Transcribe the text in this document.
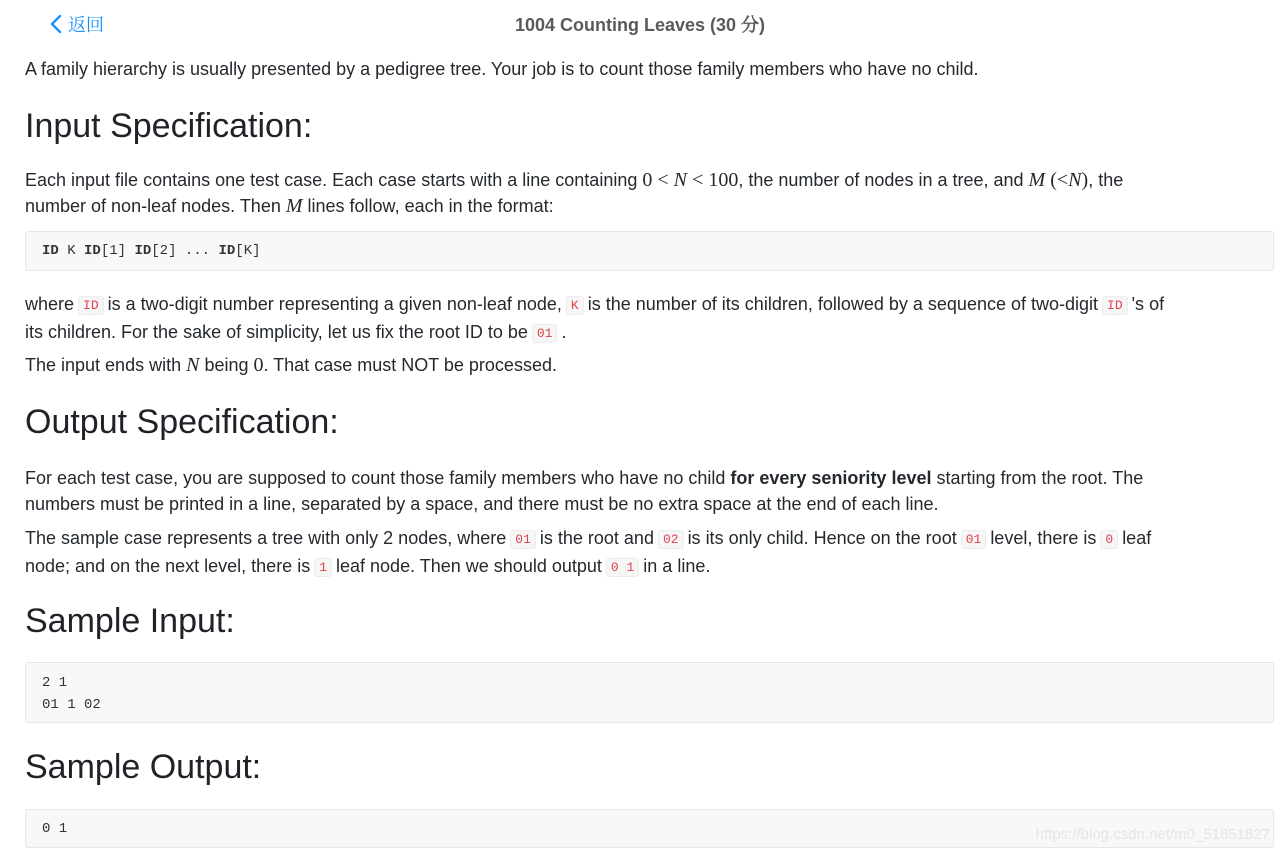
返回	1004 Counting Leaves (30 分)

A family hierarchy is usually presented by a pedigree tree. Your job is to count those family members who have no child.

Input Specification:

Each input file contains one test case. Each case starts with a line containing 0 < N < 100, the number of nodes in a tree, and M (<N), the
number of non-leaf nodes. Then M lines follow, each in the format:

ID K ID[1] ID[2] ... ID[K]

where ID is a two-digit number representing a given non-leaf node, K is the number of its children, followed by a sequence of two-digit ID 's of
its children. For the sake of simplicity, let us fix the root ID to be 01 .

The input ends with N being 0. That case must NOT be processed.

Output Specification:

For each test case, you are supposed to count those family members who have no child for every seniority level starting from the root. The
numbers must be printed in a line, separated by a space, and there must be no extra space at the end of each line.

The sample case represents a tree with only 2 nodes, where 01 is the root and 02 is its only child. Hence on the root 01 level, there is 0 leaf
node; and on the next level, there is 1 leaf node. Then we should output 0 1 in a line.

Sample Input:
2 1
01 1 02
Sample Output:
0 1	https://blog.csdn.net/m0_51851827
